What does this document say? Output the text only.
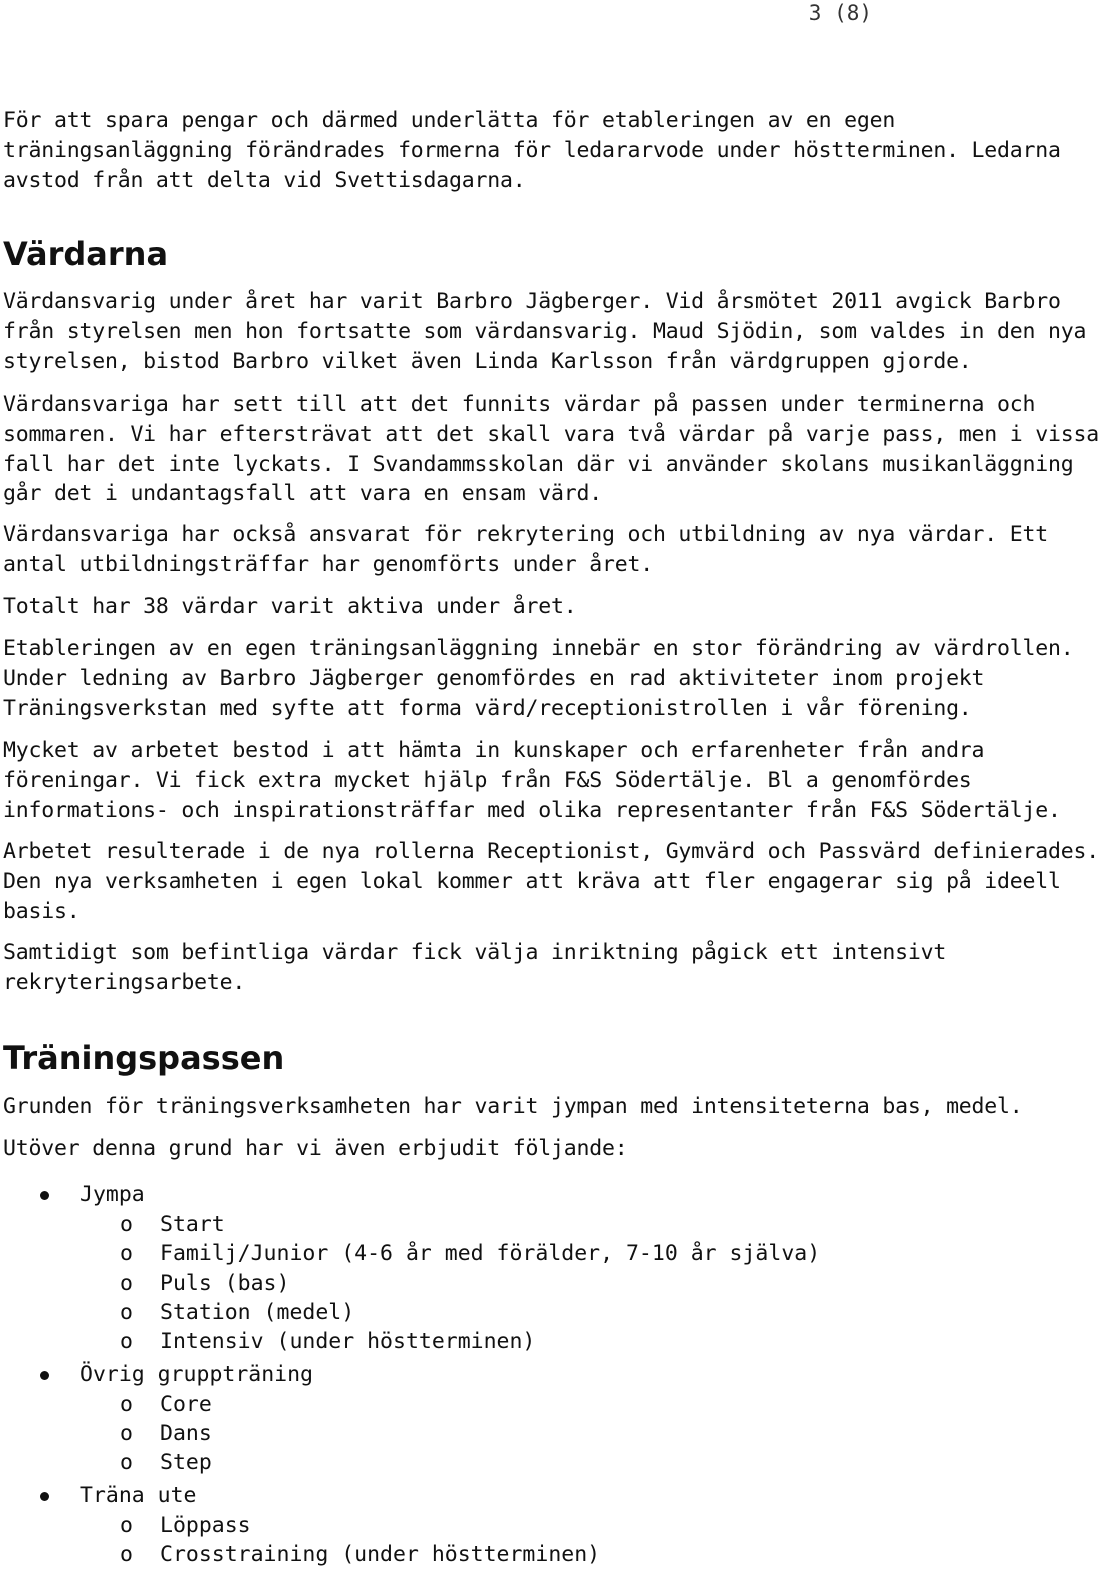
3 (8)

För att spara pengar och därmed underlätta för etableringen av en egen
träningsanläggning förändrades formerna för ledararvode under höstterminen. Ledarna
avstod från att delta vid Svettisdagarna.

Värdarna

Värdansvarig under året har varit Barbro Jägberger. Vid årsmötet 2011 avgick Barbro
från styrelsen men hon fortsatte som värdansvarig. Maud Sjödin, som valdes in den nya
styrelsen, bistod Barbro vilket även Linda Karlsson från värdgruppen gjorde.

Värdansvariga har sett till att det funnits värdar på passen under terminerna och
sommaren. Vi har eftersträvat att det skall vara två värdar på varje pass, men i vissa
fall har det inte lyckats. I Svandammsskolan där vi använder skolans musikanläggning
går det i undantagsfall att vara en ensam värd.

Värdansvariga har också ansvarat för rekrytering och utbildning av nya värdar. Ett
antal utbildningsträffar har genomförts under året.

Totalt har 38 värdar varit aktiva under året.

Etableringen av en egen träningsanläggning innebär en stor förändring av värdrollen.
Under ledning av Barbro Jägberger genomfördes en rad aktiviteter inom projekt
Träningsverkstan med syfte att forma värd/receptionistrollen i vår förening.

Mycket av arbetet bestod i att hämta in kunskaper och erfarenheter från andra
föreningar. Vi fick extra mycket hjälp från F&S Södertälje. Bl a genomfördes
informations- och inspirationsträffar med olika representanter från F&S Södertälje.

Arbetet resulterade i de nya rollerna Receptionist, Gymvärd och Passvärd definierades.
Den nya verksamheten i egen lokal kommer att kräva att fler engagerar sig på ideell
basis.

Samtidigt som befintliga värdar fick välja inriktning pågick ett intensivt
rekryteringsarbete.

Träningspassen

Grunden för träningsverksamheten har varit jympan med intensiteterna bas, medel.

Utöver denna grund har vi även erbjudit följande:

Jympa
o Start
o Familj/Junior (4-6 år med förälder, 7-10 år själva)
o Puls (bas)
o Station (medel)
o Intensiv (under höstterminen)
Övrig gruppträning
o Core
o Dans
o Step
Träna ute
o Löppass
o Crosstraining (under höstterminen)
